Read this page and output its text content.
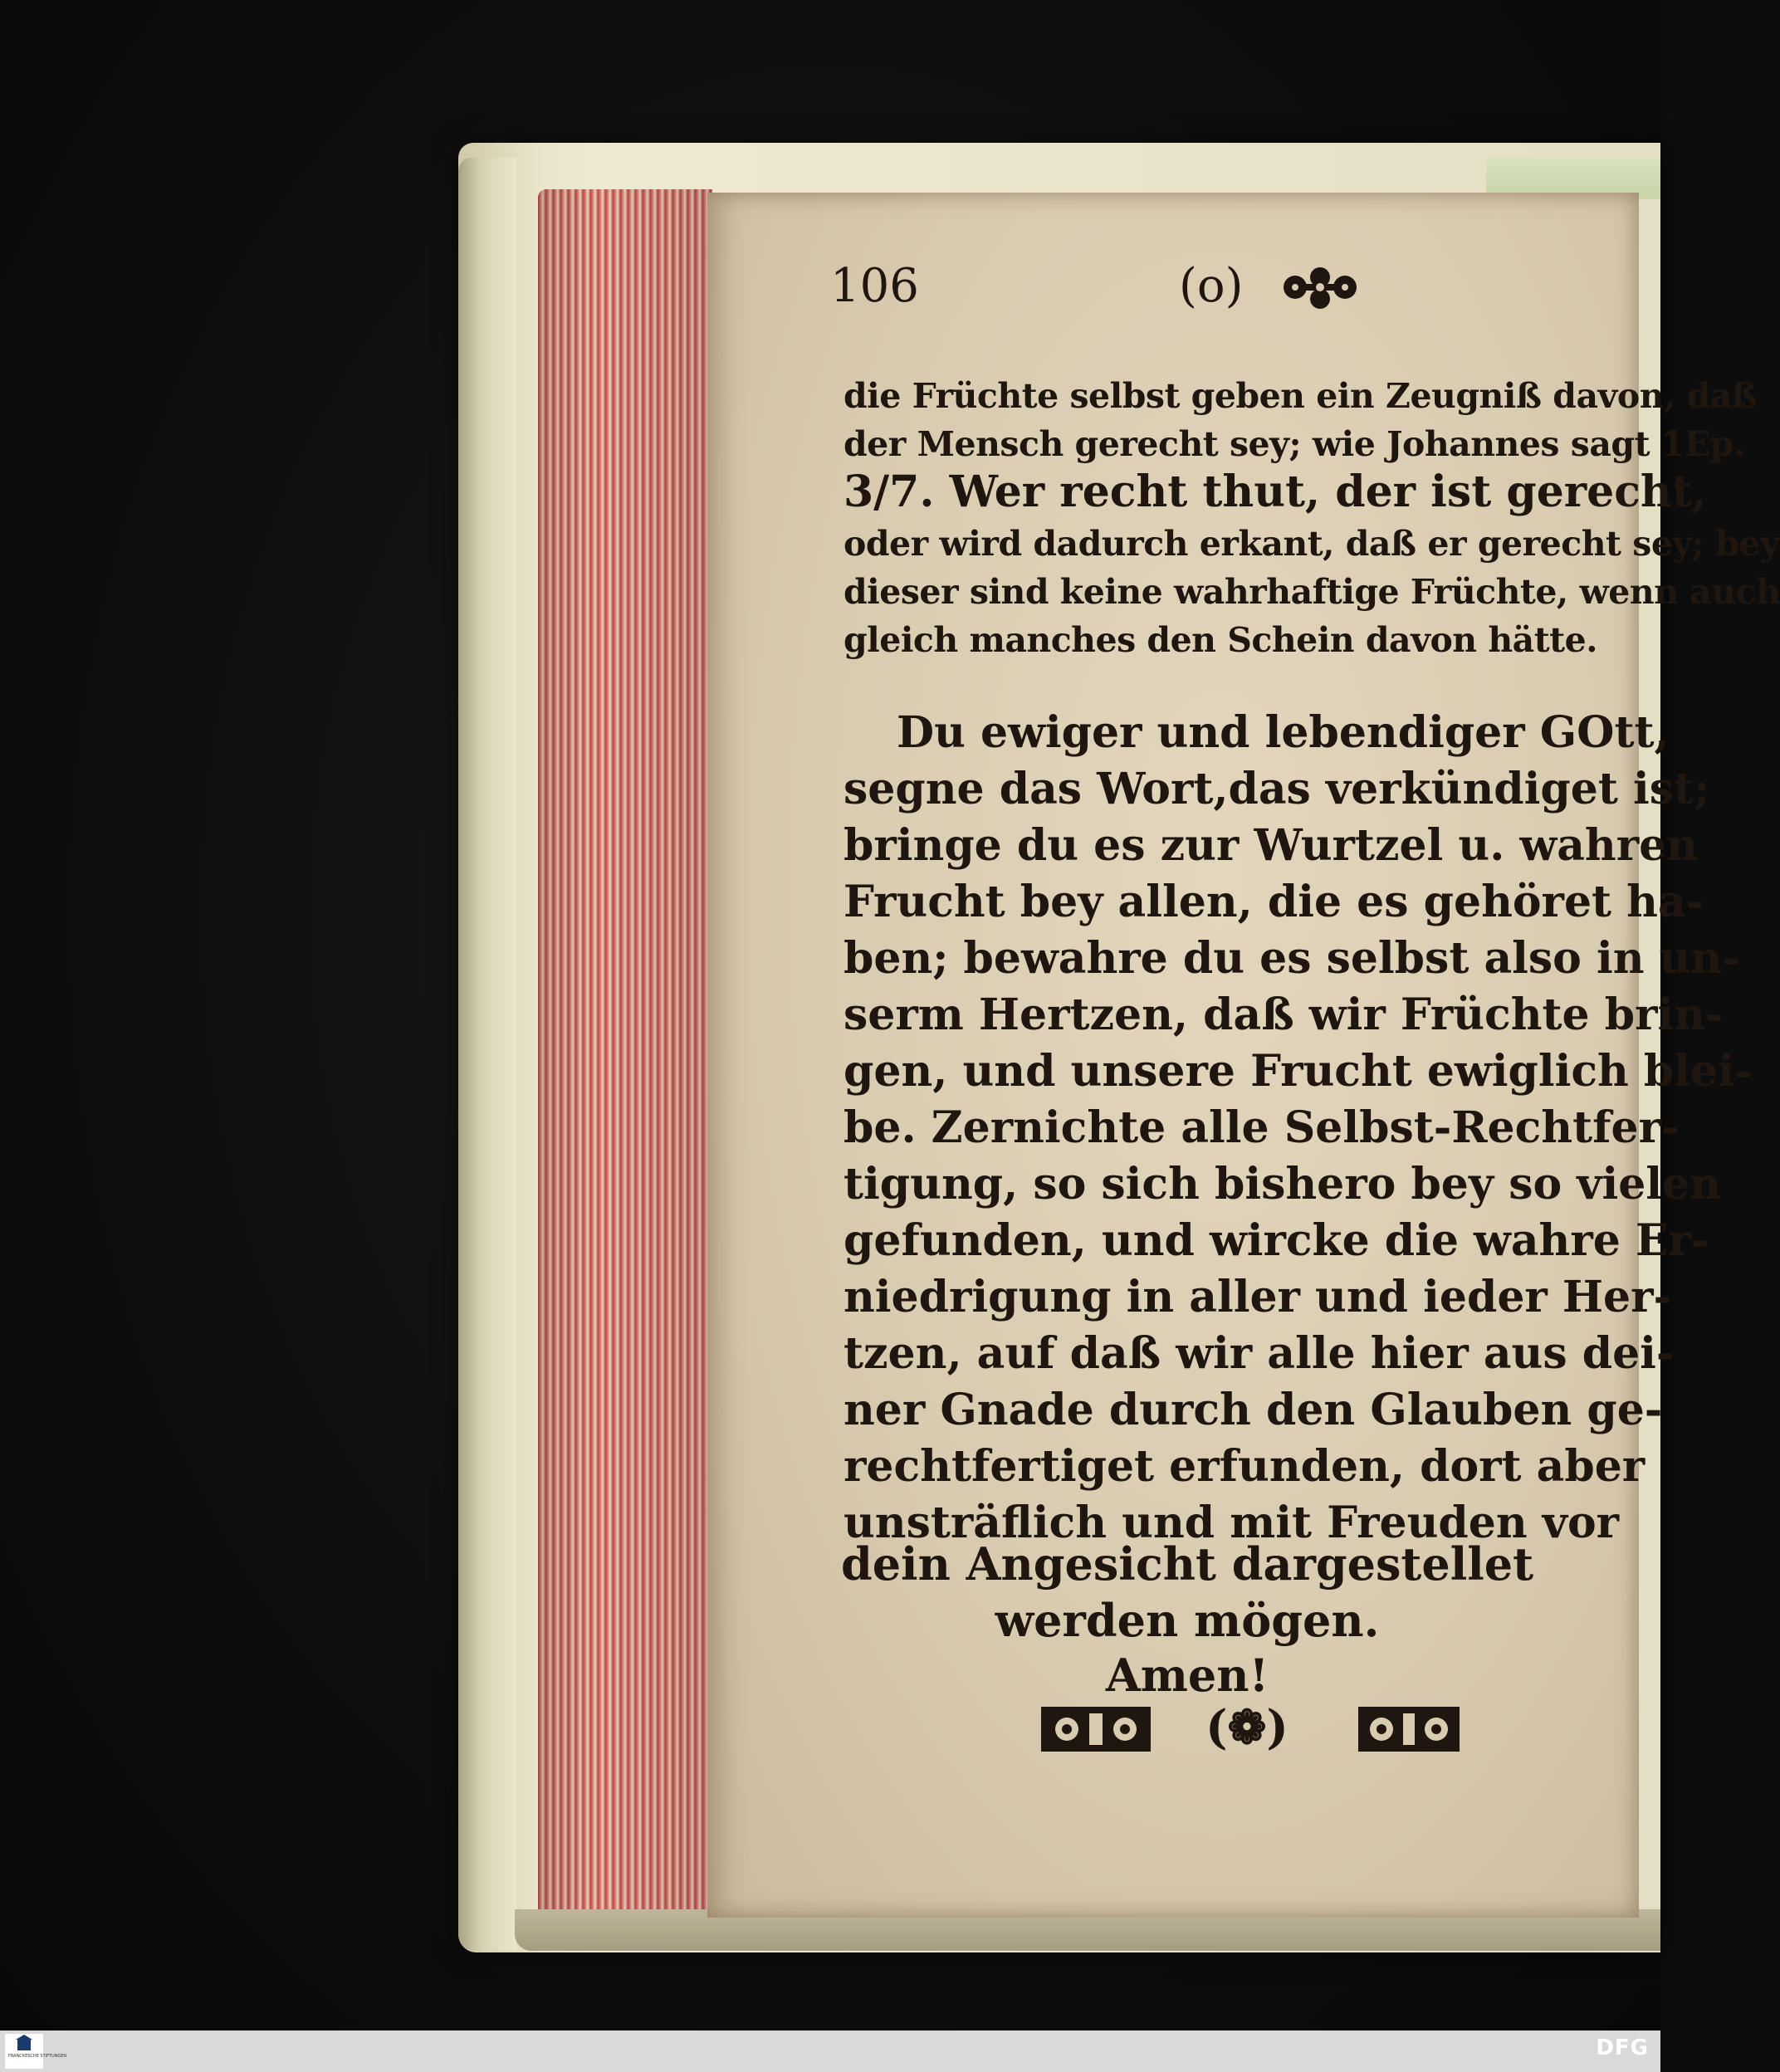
106	(o)
die Früchte selbst geben ein Zeugniß davon, daß
der Mensch gerecht sey; wie Johannes sagt 1Ep.
3/7. Wer recht thut, der ist gerecht,
oder wird dadurch erkant, daß er gerecht sey; bey
dieser sind keine wahrhaftige Früchte, wenn auch
gleich manches den Schein davon hätte.
Du ewiger und lebendiger GOtt,
segne das Wort,das verkündiget ist;
bringe du es zur Wurtzel u. wahren
Frucht bey allen, die es gehöret ha-
ben; bewahre du es selbst also in un-
serm Hertzen, daß wir Früchte brin-
gen, und unsere Frucht ewiglich blei-
be. Zernichte alle Selbst-Rechtfer-
tigung, so sich bishero bey so vielen
gefunden, und wircke die wahre Er-
niedrigung in aller und ieder Her-
tzen, auf daß wir alle hier aus dei-
ner Gnade durch den Glauben ge-
rechtfertiget erfunden, dort aber
unsträflich und mit Freuden vor
dein Angesicht dargestellet
werden mögen.
Amen!
(❁)
FRANCKESCHE STIFTUNGEN	DFG
